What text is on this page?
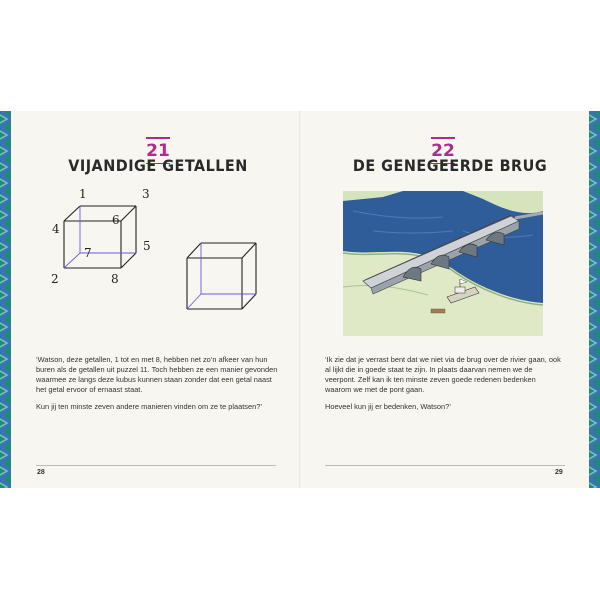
21
VIJANDIGE GETALLEN
1
2
3
4
5
6
7
8

‘Watson, deze getallen, 1 tot en met 8, hebben net zo’n afkeer van hun buren als de getallen uit puzzel 11. Toch hebben ze een manier gevonden waarmee ze langs deze kubus kunnen staan zonder dat een getal naast het getal ervoor of ernaast staat.

Kun jij ten minste zeven andere manieren vinden om ze te plaatsen?’

28
22
DE GENEGEERDE BRUG

‘Ik zie dat je verrast bent dat we niet via de brug over de rivier gaan, ook al lijkt die in goede staat te zijn. In plaats daarvan nemen we de veerpont. Zelf kan ik ten minste zeven goede redenen bedenken waarom we met de pont gaan.

Hoeveel kun jij er bedenken, Watson?’

29
